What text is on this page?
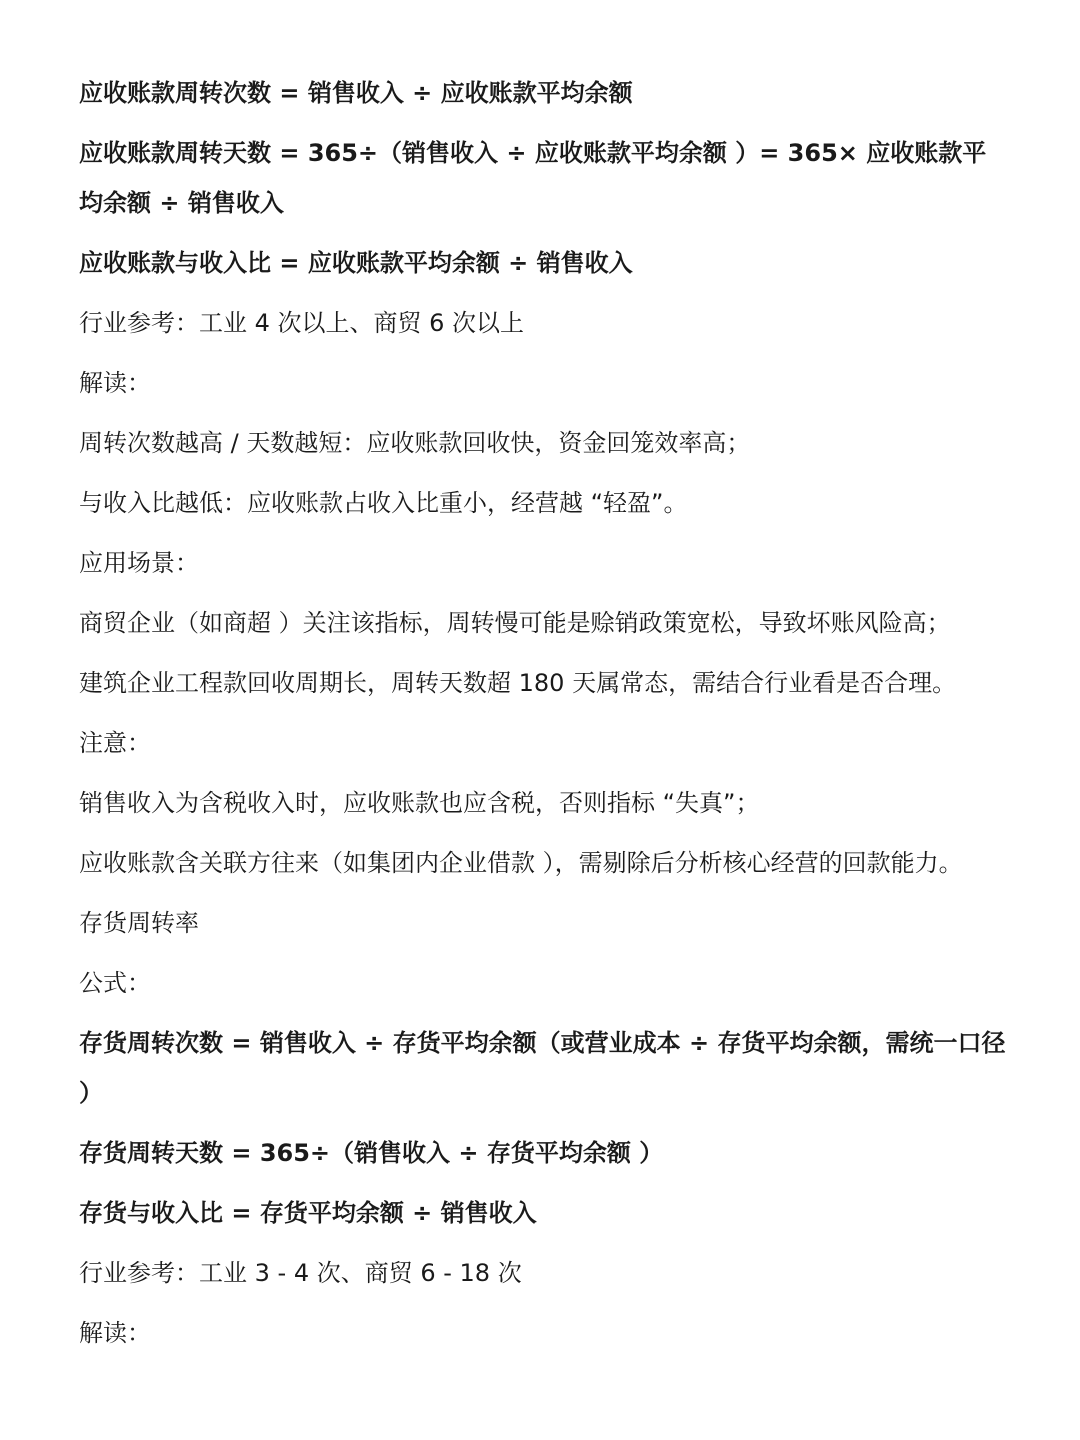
应收账款周转次数 = 销售收入 ÷ 应收账款平均余额
应收账款周转天数 = 365÷（销售收入 ÷ 应收账款平均余额 ）= 365× 应收账款平均余额 ÷ 销售收入
应收账款与收入比 = 应收账款平均余额 ÷ 销售收入
行业参考：工业 4 次以上、商贸 6 次以上
解读：
周转次数越高 / 天数越短：应收账款回收快，资金回笼效率高；
与收入比越低：应收账款占收入比重小，经营越 “轻盈”。
应用场景：
商贸企业（如商超 ）关注该指标，周转慢可能是赊销政策宽松，导致坏账风险高；
建筑企业工程款回收周期长，周转天数超 180 天属常态，需结合行业看是否合理。
注意：
销售收入为含税收入时，应收账款也应含税，否则指标 “失真”；
应收账款含关联方往来（如集团内企业借款 ），需剔除后分析核心经营的回款能力。
存货周转率
公式：
存货周转次数 = 销售收入 ÷ 存货平均余额（或营业成本 ÷ 存货平均余额，需统一口径 ）
存货周转天数 = 365÷（销售收入 ÷ 存货平均余额 ）
存货与收入比 = 存货平均余额 ÷ 销售收入
行业参考：工业 3 - 4 次、商贸 6 - 18 次
解读：
